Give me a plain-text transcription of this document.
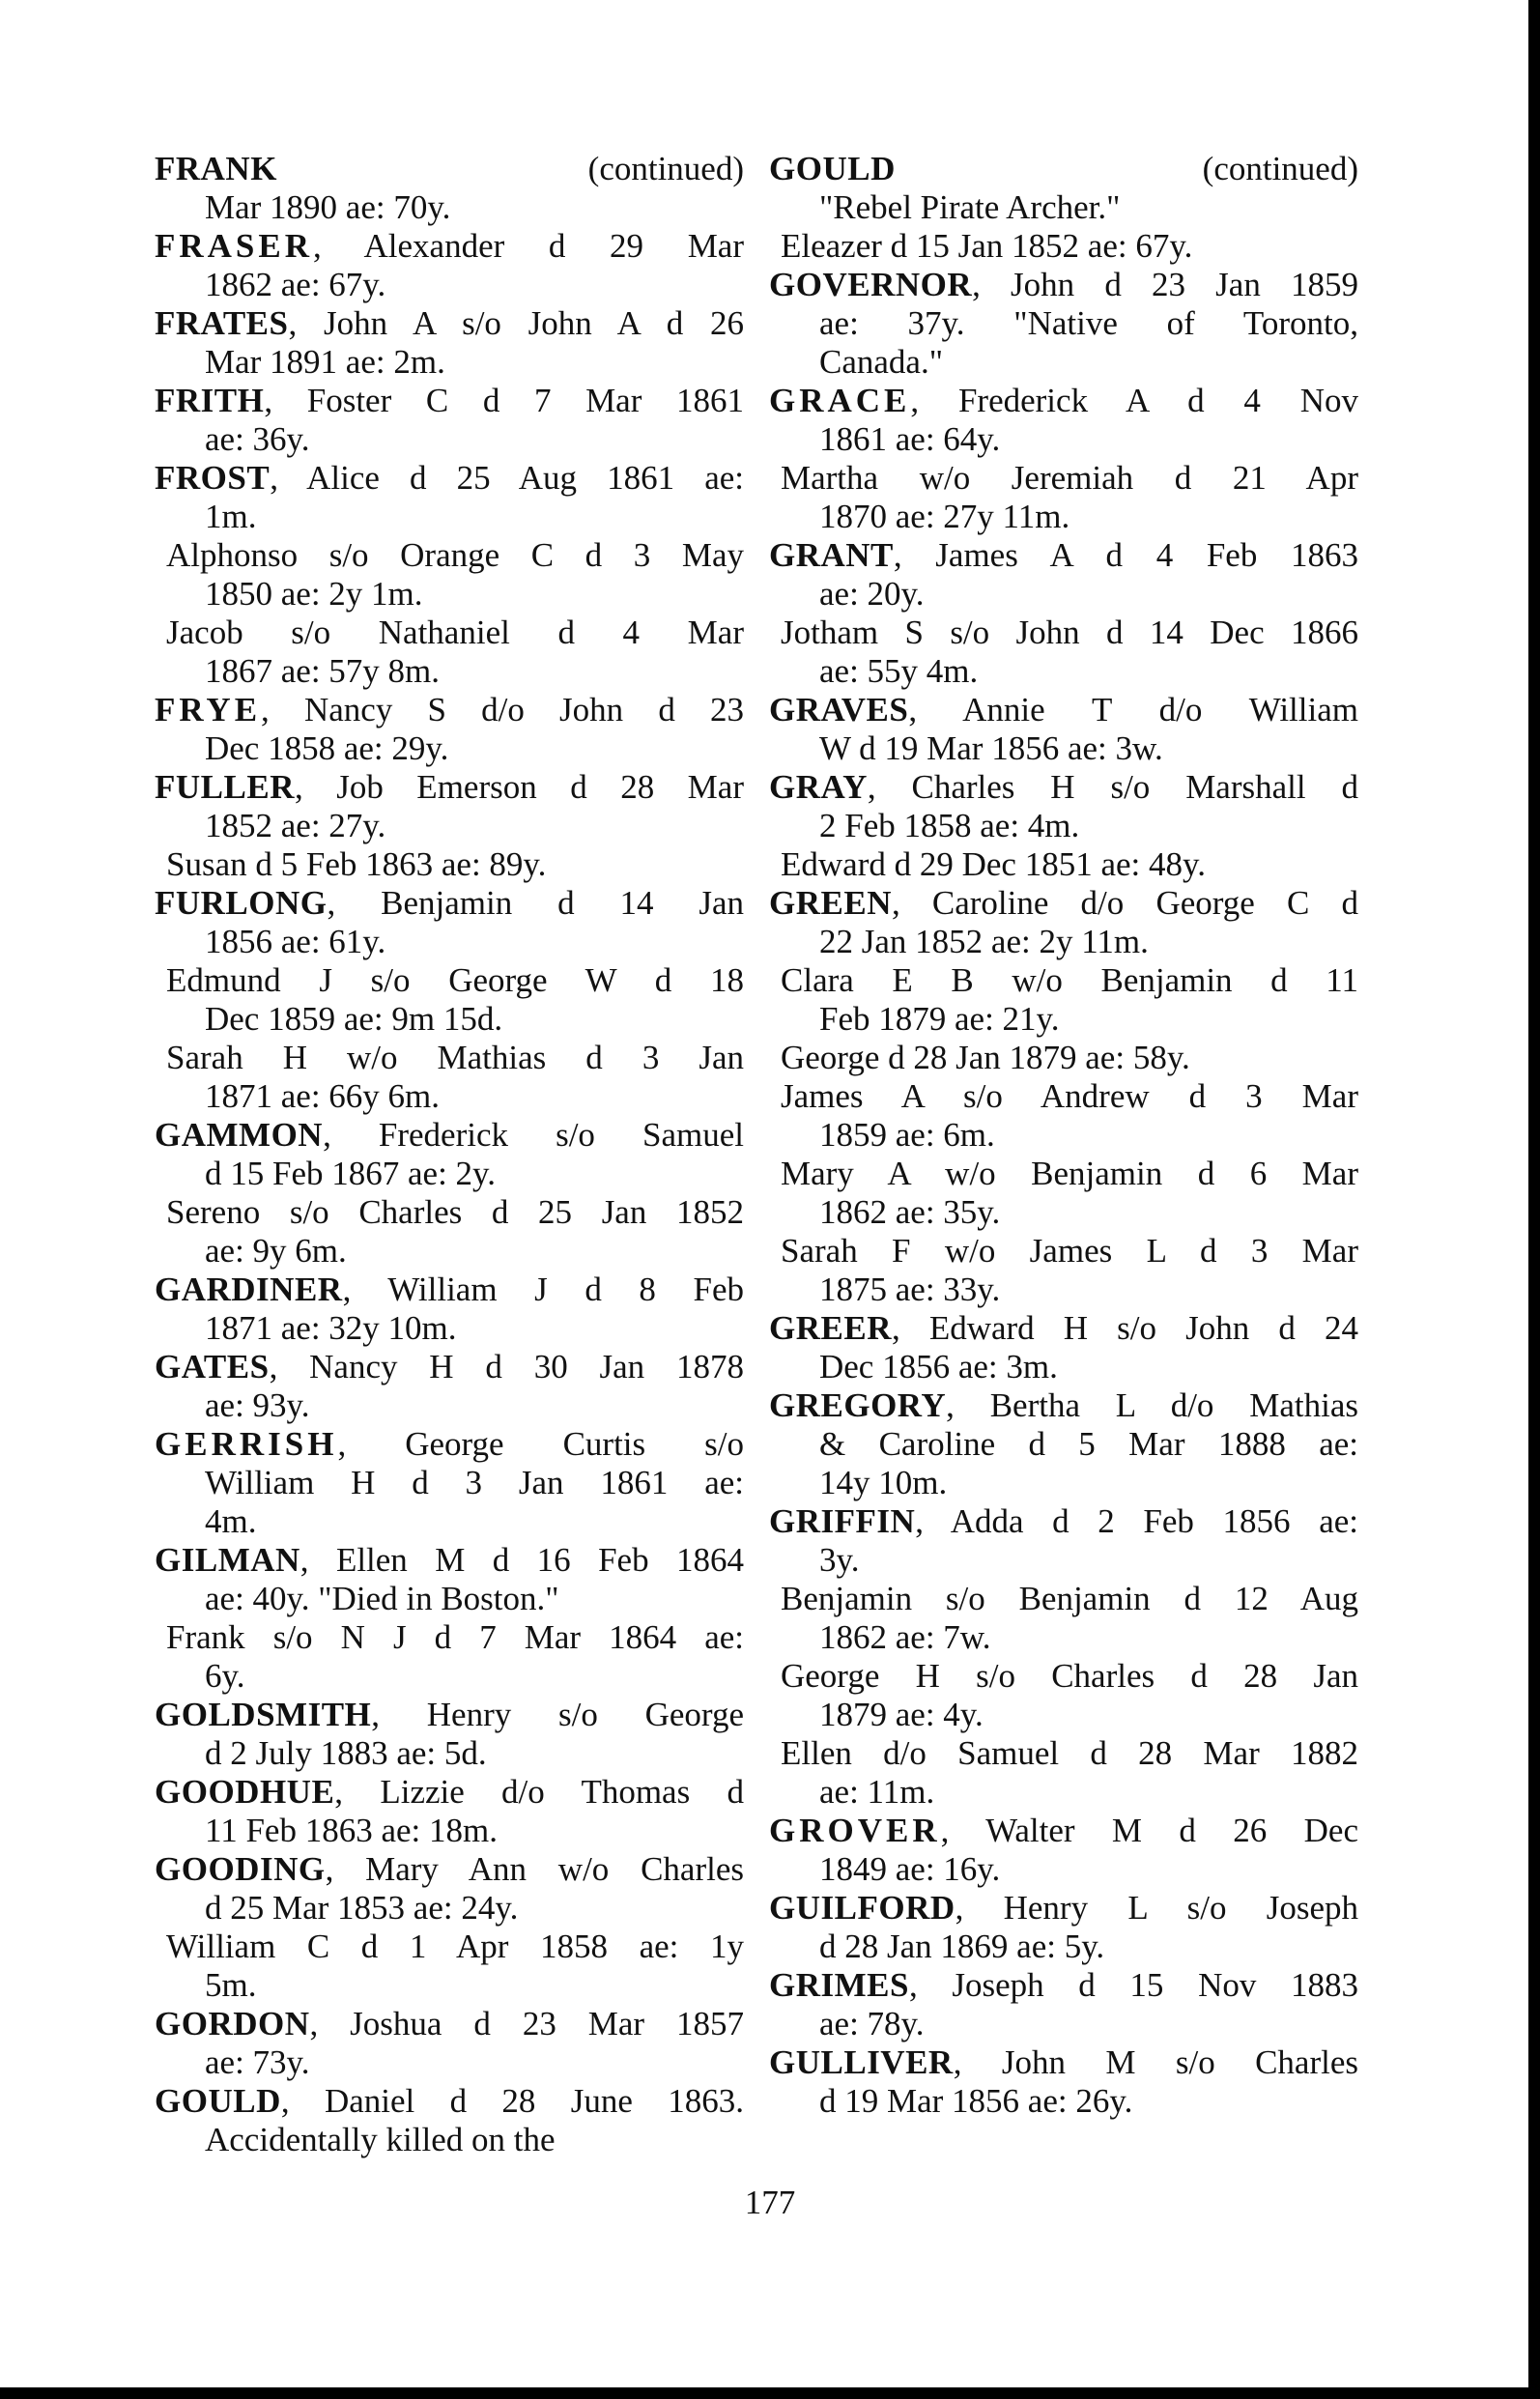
FRANK (continued)
Mar 1890 ae: 70y.
FRASER, Alexander d 29 Mar
1862 ae: 67y.
FRATES, John A s/o John A d 26
Mar 1891 ae: 2m.
FRITH, Foster C d 7 Mar 1861
ae: 36y.
FROST, Alice d 25 Aug 1861 ae:
1m.
Alphonso s/o Orange C d 3 May
1850 ae: 2y 1m.
Jacob s/o Nathaniel d 4 Mar
1867 ae: 57y 8m.
FRYE, Nancy S d/o John d 23
Dec 1858 ae: 29y.
FULLER, Job Emerson d 28 Mar
1852 ae: 27y.
Susan d 5 Feb 1863 ae: 89y.
FURLONG, Benjamin d 14 Jan
1856 ae: 61y.
Edmund J s/o George W d 18
Dec 1859 ae: 9m 15d.
Sarah H w/o Mathias d 3 Jan
1871 ae: 66y 6m.
GAMMON, Frederick s/o Samuel
d 15 Feb 1867 ae: 2y.
Sereno s/o Charles d 25 Jan 1852
ae: 9y 6m.
GARDINER, William J d 8 Feb
1871 ae: 32y 10m.
GATES, Nancy H d 30 Jan 1878
ae: 93y.
GERRISH, George Curtis s/o
William H d 3 Jan 1861 ae:
4m.
GILMAN, Ellen M d 16 Feb 1864
ae: 40y. "Died in Boston."
Frank s/o N J d 7 Mar 1864 ae:
6y.
GOLDSMITH, Henry s/o George
d 2 July 1883 ae: 5d.
GOODHUE, Lizzie d/o Thomas d
11 Feb 1863 ae: 18m.
GOODING, Mary Ann w/o Charles
d 25 Mar 1853 ae: 24y.
William C d 1 Apr 1858 ae: 1y
5m.
GORDON, Joshua d 23 Mar 1857
ae: 73y.
GOULD, Daniel d 28 June 1863.
Accidentally killed on the
GOULD (continued)
"Rebel Pirate Archer."
Eleazer d 15 Jan 1852 ae: 67y.
GOVERNOR, John d 23 Jan 1859
ae: 37y. "Native of Toronto,
Canada."
GRACE, Frederick A d 4 Nov
1861 ae: 64y.
Martha w/o Jeremiah d 21 Apr
1870 ae: 27y 11m.
GRANT, James A d 4 Feb 1863
ae: 20y.
Jotham S s/o John d 14 Dec 1866
ae: 55y 4m.
GRAVES, Annie T d/o William
W d 19 Mar 1856 ae: 3w.
GRAY, Charles H s/o Marshall d
2 Feb 1858 ae: 4m.
Edward d 29 Dec 1851 ae: 48y.
GREEN, Caroline d/o George C d
22 Jan 1852 ae: 2y 11m.
Clara E B w/o Benjamin d 11
Feb 1879 ae: 21y.
George d 28 Jan 1879 ae: 58y.
James A s/o Andrew d 3 Mar
1859 ae: 6m.
Mary A w/o Benjamin d 6 Mar
1862 ae: 35y.
Sarah F w/o James L d 3 Mar
1875 ae: 33y.
GREER, Edward H s/o John d 24
Dec 1856 ae: 3m.
GREGORY, Bertha L d/o Mathias
& Caroline d 5 Mar 1888 ae:
14y 10m.
GRIFFIN, Adda d 2 Feb 1856 ae:
3y.
Benjamin s/o Benjamin d 12 Aug
1862 ae: 7w.
George H s/o Charles d 28 Jan
1879 ae: 4y.
Ellen d/o Samuel d 28 Mar 1882
ae: 11m.
GROVER, Walter M d 26 Dec
1849 ae: 16y.
GUILFORD, Henry L s/o Joseph
d 28 Jan 1869 ae: 5y.
GRIMES, Joseph d 15 Nov 1883
ae: 78y.
GULLIVER, John M s/o Charles
d 19 Mar 1856 ae: 26y.
177
